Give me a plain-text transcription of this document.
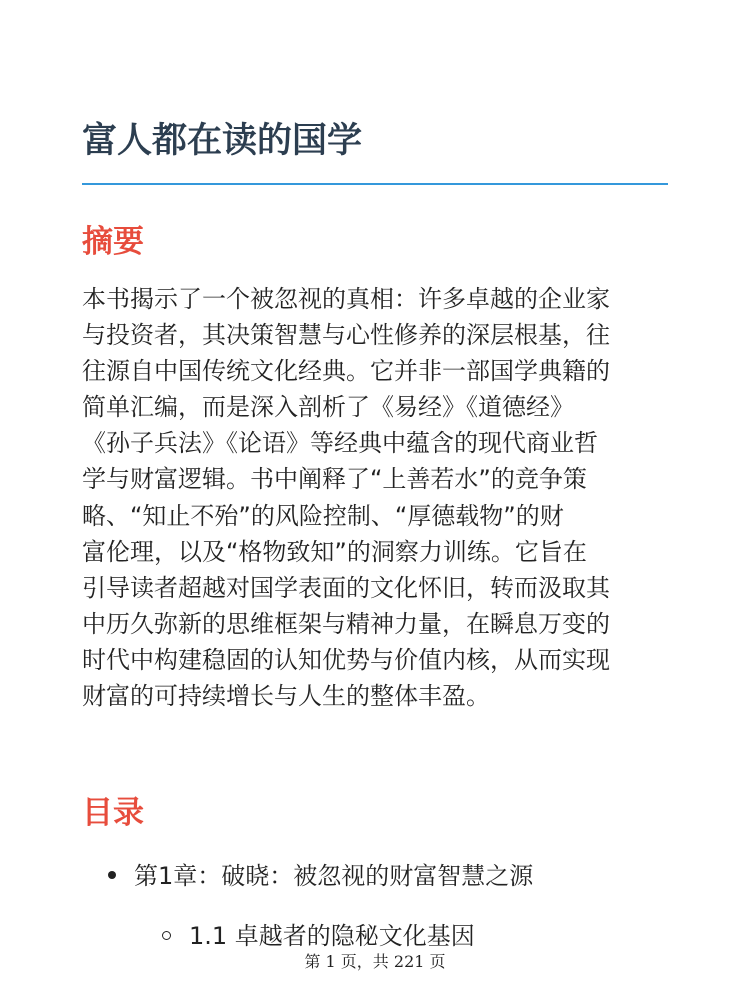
富人都在读的国学
摘要

本书揭示了一个被忽视的真相：许多卓越的企业家
与投资者，其决策智慧与心性修养的深层根基，往
往源自中国传统文化经典。它并非一部国学典籍的
简单汇编，而是深入剖析了《易经》《道德经》
《孙子兵法》《论语》等经典中蕴含的现代商业哲
学与财富逻辑。书中阐释了“上善若水”的竞争策
略、“知止不殆”的风险控制、“厚德载物”的财
富伦理，以及“格物致知”的洞察力训练。它旨在
引导读者超越对国学表面的文化怀旧，转而汲取其
中历久弥新的思维框架与精神力量，在瞬息万变的
时代中构建稳固的认知优势与价值内核，从而实现
财富的可持续增长与人生的整体丰盈。

目录
第1章：破晓：被忽视的财富智慧之源
1.1 卓越者的隐秘文化基因
第 1 页，共 221 页
